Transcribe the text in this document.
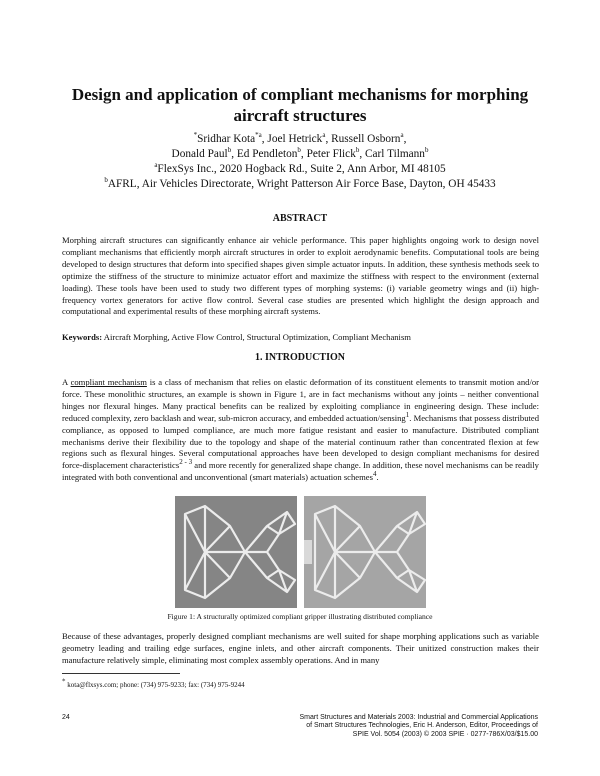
Design and application of compliant mechanisms for morphing
aircraft structures
*Sridhar Kota$^{*a}$, Joel Hetrick$^a$, Russell Osborn$^a$,
Donald Paul$^b$, Ed Pendleton$^b$, Peter Flick$^b$, Carl Tilmann$^b$
$^a$FlexSys Inc., 2020 Hogback Rd., Suite 2, Ann Arbor, MI 48105
$^b$AFRL, Air Vehicles Directorate, Wright Patterson Air Force Base, Dayton, OH 45433
ABSTRACT
Morphing aircraft structures can significantly enhance air vehicle performance. This paper highlights ongoing work to design novel compliant mechanisms that efficiently morph aircraft structures in order to exploit aerodynamic benefits. Computational tools are being developed to design structures that deform into specified shapes given simple actuator inputs. In addition, these synthesis methods seek to optimize the stiffness of the structure to minimize actuator effort and maximize the stiffness with respect to the environment (external loading). These tools have been used to study two different types of morphing systems: (i) variable geometry wings and (ii) high-frequency vortex generators for active flow control. Several case studies are presented which highlight the design approach and computational and experimental results of these morphing aircraft systems.
Keywords: Aircraft Morphing, Active Flow Control, Structural Optimization, Compliant Mechanism
1. INTRODUCTION
A compliant mechanism is a class of mechanism that relies on elastic deformation of its constituent elements to transmit motion and/or force. These monolithic structures, an example is shown in Figure 1, are in fact mechanisms without any joints – neither conventional hinges nor flexural hinges. Many practical benefits can be realized by exploiting compliance in engineering design. These include: reduced complexity, zero backlash and wear, sub-micron accuracy, and embedded actuation/sensing$^1$. Mechanisms that possess distributed compliance, as opposed to lumped compliance, are much more fatigue resistant and easier to manufacture. Distributed compliant mechanisms derive their flexibility due to the topology and shape of the material continuum rather than concentrated flexion at few regions such as flexural hinges. Several computational approaches have been developed to design compliant mechanisms for desired force-displacement characteristics$^{2 - 3}$ and more recently for generalized shape change. In addition, these novel mechanisms can be readily integrated with both conventional and unconventional (smart materials) actuation schemes$^4$.
Figure 1: A structurally optimized compliant gripper illustrating distributed compliance
Because of these advantages, properly designed compliant mechanisms are well suited for shape morphing applications such as variable geometry leading and trailing edge surfaces, engine inlets, and other aircraft components. Their unitized construction makes their manufacture relatively simple, eliminating most complex assembly operations. And in many
* kota@flxsys.com; phone: (734) 975-9233; fax: (734) 975-9244
24	Smart Structures and Materials 2003: Industrial and Commercial Applications
of Smart Structures Technologies, Eric H. Anderson, Editor, Proceedings of
SPIE Vol. 5054 (2003) © 2003 SPIE · 0277-786X/03/$15.00
